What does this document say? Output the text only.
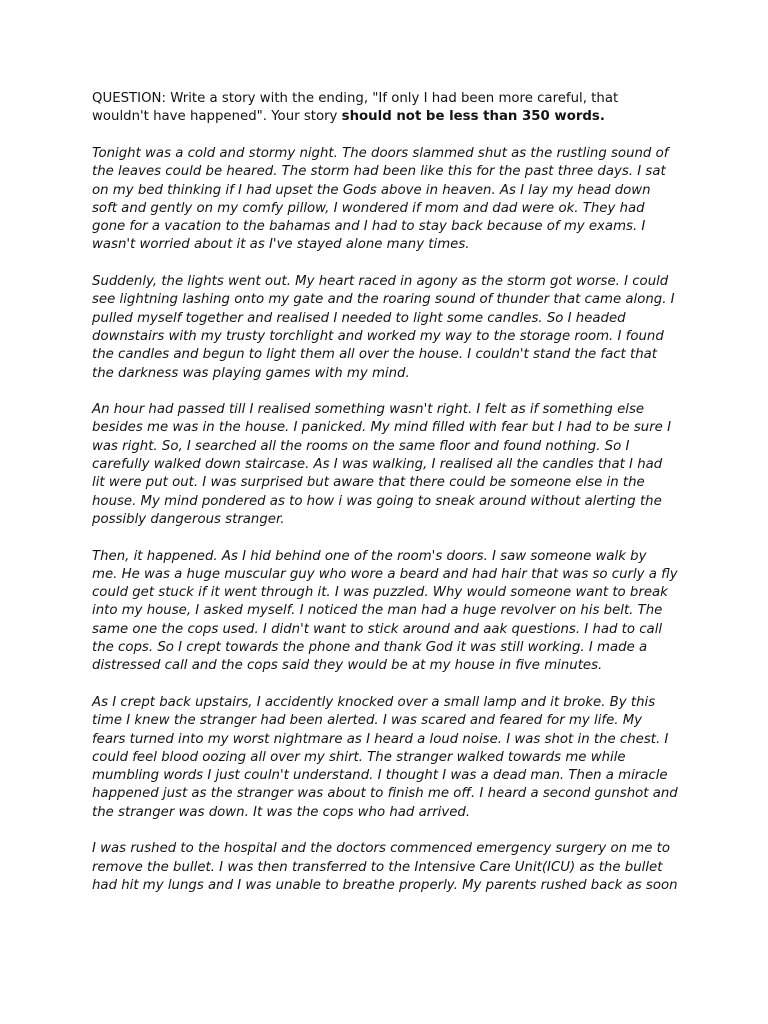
QUESTION: Write a story with the ending, "If only I had been more careful, that
wouldn't have happened". Your story should not be less than 350 words.
Tonight was a cold and stormy night. The doors slammed shut as the rustling sound of
the leaves could be heared. The storm had been like this for the past three days. I sat
on my bed thinking if I had upset the Gods above in heaven. As I lay my head down
soft and gently on my comfy pillow, I wondered if mom and dad were ok. They had
gone for a vacation to the bahamas and I had to stay back because of my exams. I
wasn't worried about it as I've stayed alone many times.
Suddenly, the lights went out. My heart raced in agony as the storm got worse. I could
see lightning lashing onto my gate and the roaring sound of thunder that came along. I
pulled myself together and realised I needed to light some candles. So I headed
downstairs with my trusty torchlight and worked my way to the storage room. I found
the candles and begun to light them all over the house. I couldn't stand the fact that
the darkness was playing games with my mind.
An hour had passed till I realised something wasn't right. I felt as if something else
besides me was in the house. I panicked. My mind filled with fear but I had to be sure I
was right. So, I searched all the rooms on the same floor and found nothing. So I
carefully walked down staircase. As I was walking, I realised all the candles that I had
lit were put out. I was surprised but aware that there could be someone else in the
house. My mind pondered as to how i was going to sneak around without alerting the
possibly dangerous stranger.
Then, it happened. As I hid behind one of the room's doors. I saw someone walk by
me. He was a huge muscular guy who wore a beard and had hair that was so curly a fly
could get stuck if it went through it. I was puzzled. Why would someone want to break
into my house, I asked myself. I noticed the man had a huge revolver on his belt. The
same one the cops used. I didn't want to stick around and aak questions. I had to call
the cops. So I crept towards the phone and thank God it was still working. I made a
distressed call and the cops said they would be at my house in five minutes.
As I crept back upstairs, I accidently knocked over a small lamp and it broke. By this
time I knew the stranger had been alerted. I was scared and feared for my life. My
fears turned into my worst nightmare as I heard a loud noise. I was shot in the chest. I
could feel blood oozing all over my shirt. The stranger walked towards me while
mumbling words I just couln't understand. I thought I was a dead man. Then a miracle
happened just as the stranger was about to finish me off. I heard a second gunshot and
the stranger was down. It was the cops who had arrived.
I was rushed to the hospital and the doctors commenced emergency surgery on me to
remove the bullet. I was then transferred to the Intensive Care Unit(ICU) as the bullet
had hit my lungs and I was unable to breathe properly. My parents rushed back as soon
